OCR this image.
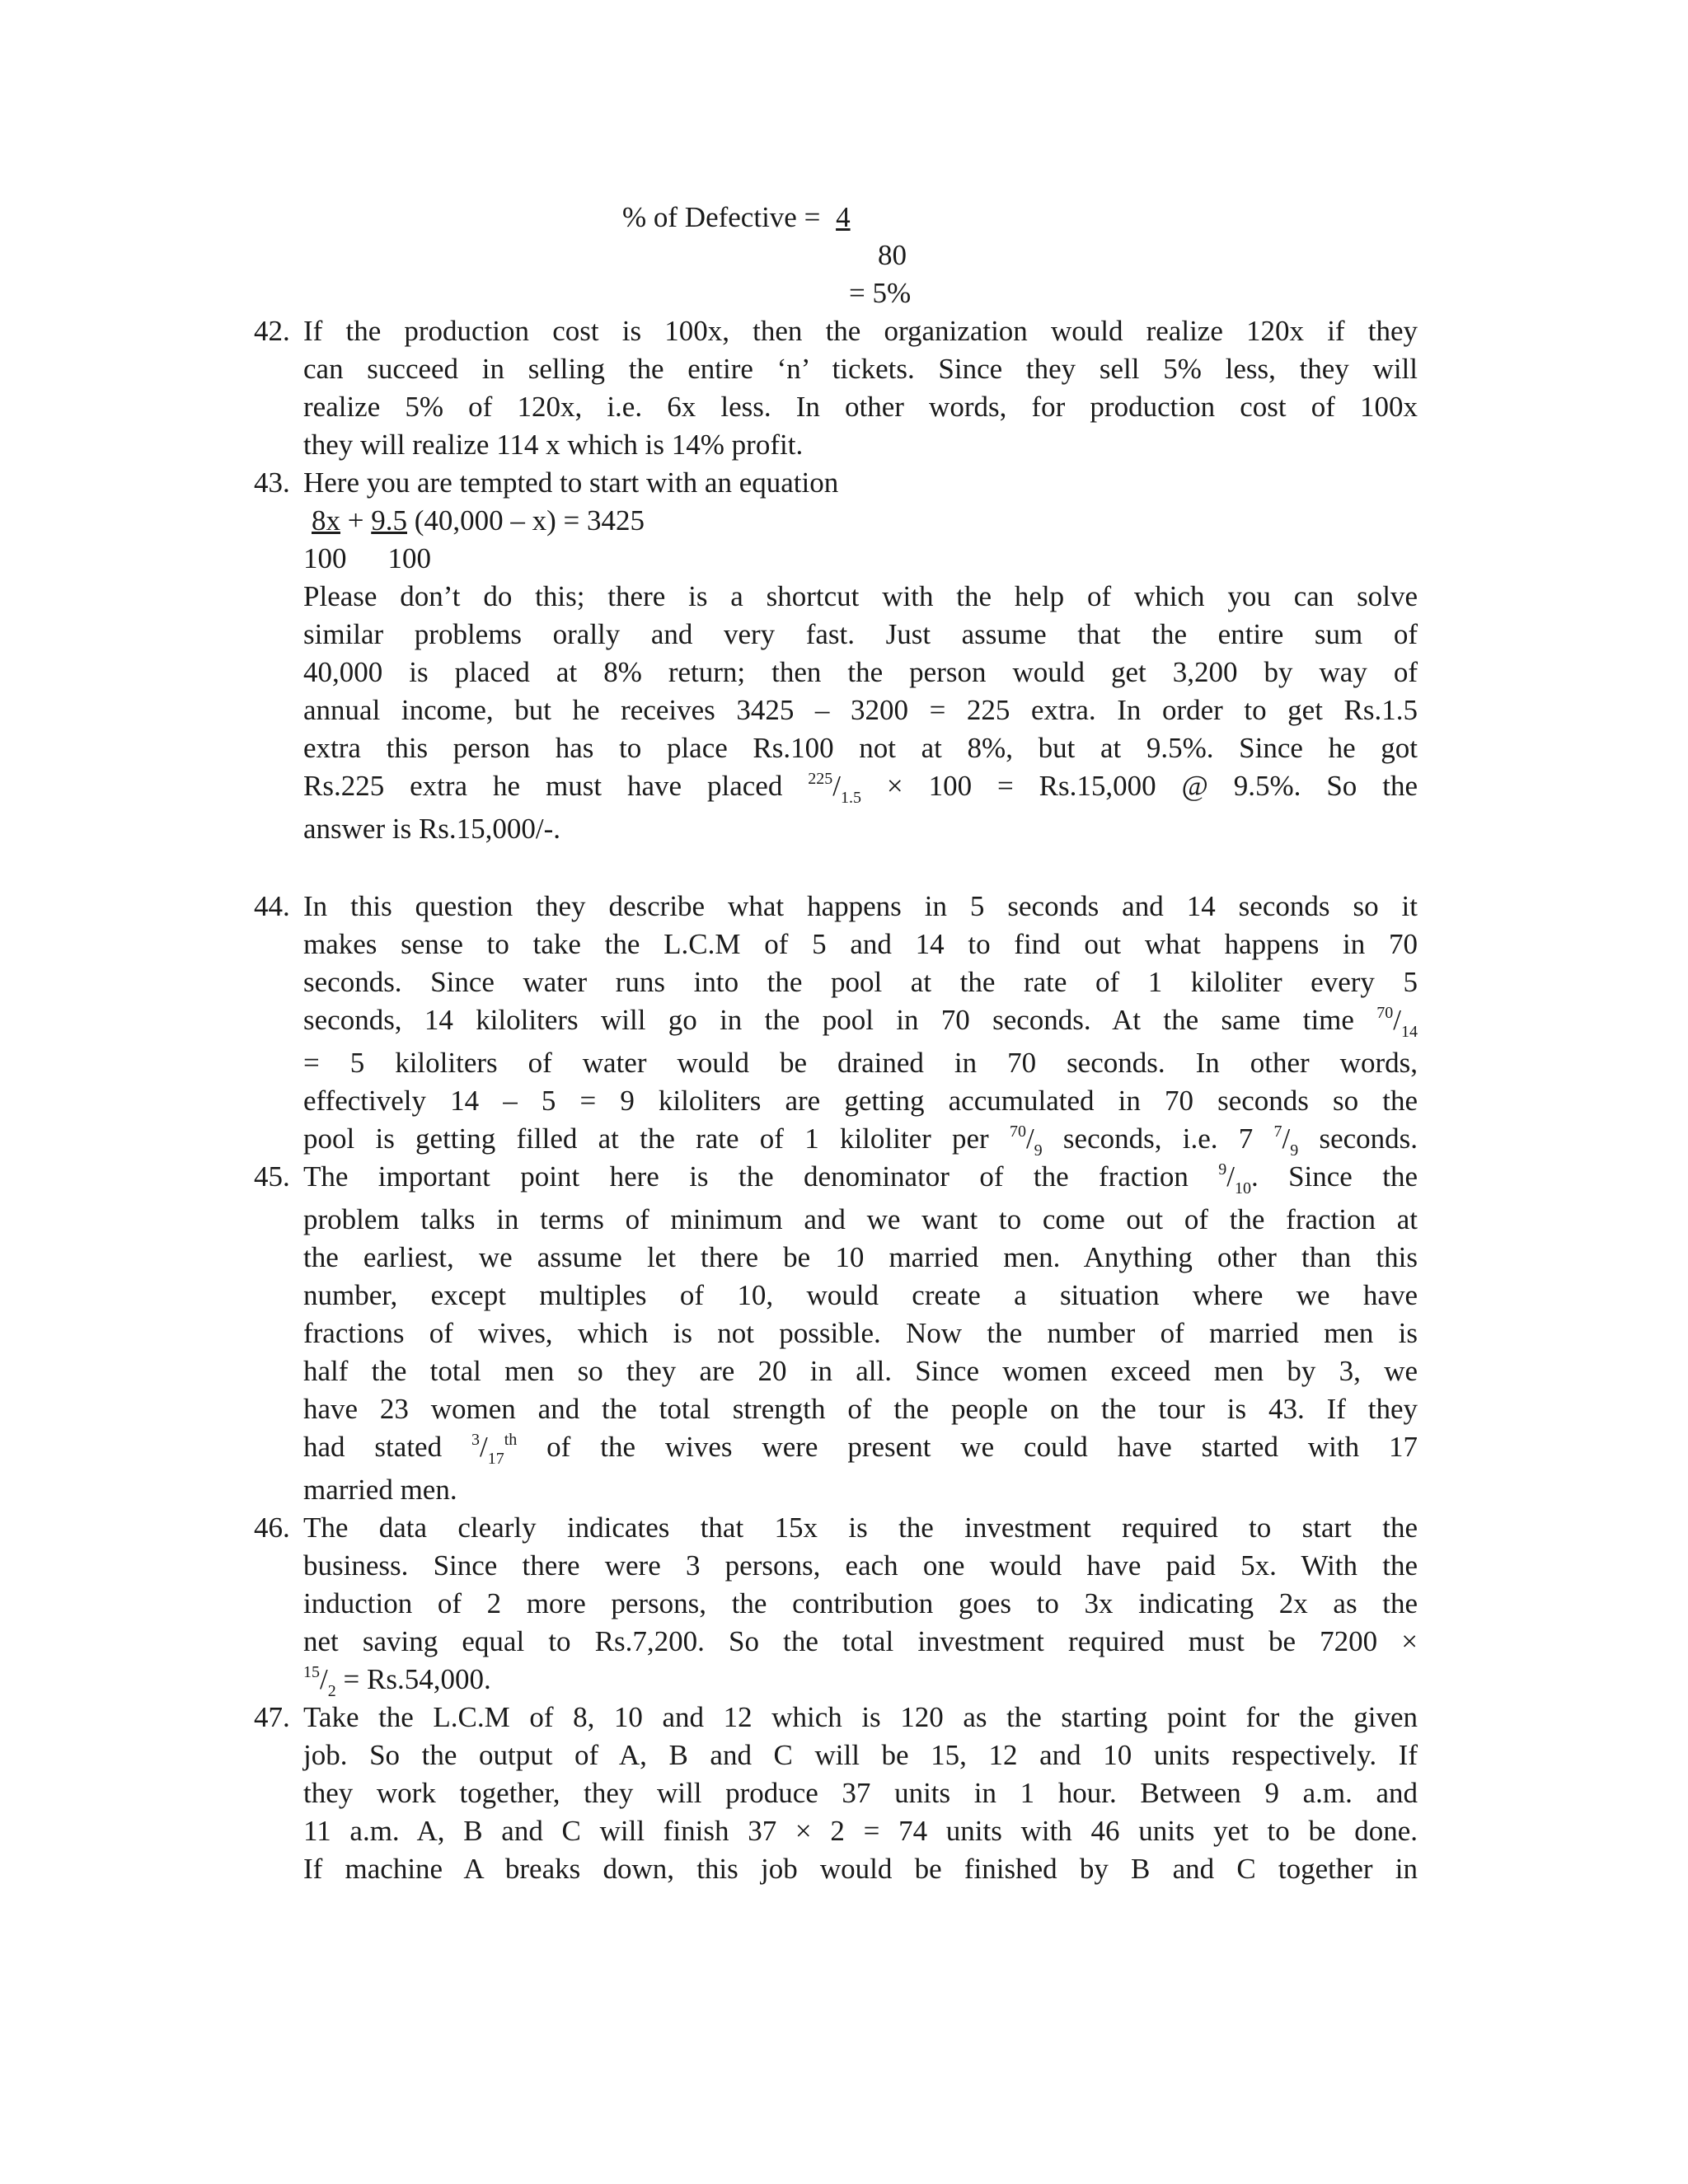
% of Defective = 4
80
= 5%
42. If the production cost is 100x, then the organization would realize 120x if they
can succeed in selling the entire ‘n’ tickets. Since they sell 5% less, they will
realize 5% of 120x, i.e. 6x less. In other words, for production cost of 100x
they will realize 114 x which is 14% profit.
43. Here you are tempted to start with an equation
8x + 9.5 (40,000 – x) = 3425
100 100
Please don’t do this; there is a shortcut with the help of which you can solve
similar problems orally and very fast. Just assume that the entire sum of
40,000 is placed at 8% return; then the person would get 3,200 by way of
annual income, but he receives 3425 – 3200 = 225 extra. In order to get Rs.1.5
extra this person has to place Rs.100 not at 8%, but at 9.5%. Since he got
Rs.225 extra he must have placed $^{225}/_{1.5} \times 100 = Rs.15,000$ @ 9.5%. So the
answer is Rs.15,000/-.
44. In this question they describe what happens in 5 seconds and 14 seconds so it
makes sense to take the L.C.M of 5 and 14 to find out what happens in 70
seconds. Since water runs into the pool at the rate of 1 kiloliter every 5
seconds, 14 kiloliters will go in the pool in 70 seconds. At the same time $^{70}/_{14}$
= 5 kiloliters of water would be drained in 70 seconds. In other words,
effectively 14 – 5 = 9 kiloliters are getting accumulated in 70 seconds so the
pool is getting filled at the rate of 1 kiloliter per $^{70}/_9$ seconds, i.e. 7 $^7/_9$ seconds.
45. The important point here is the denominator of the fraction $^9/_{10}$. Since the
problem talks in terms of minimum and we want to come out of the fraction at
the earliest, we assume let there be 10 married men. Anything other than this
number, except multiples of 10, would create a situation where we have
fractions of wives, which is not possible. Now the number of married men is
half the total men so they are 20 in all. Since women exceed men by 3, we
have 23 women and the total strength of the people on the tour is 43. If they
had stated $^3/_{17}^{th}$ of the wives were present we could have started with 17
married men.
46. The data clearly indicates that 15x is the investment required to start the
business. Since there were 3 persons, each one would have paid 5x. With the
induction of 2 more persons, the contribution goes to 3x indicating 2x as the
net saving equal to Rs.7,200. So the total investment required must be 7200 ×
$^{15}/_2 = Rs.54,000$.
47. Take the L.C.M of 8, 10 and 12 which is 120 as the starting point for the given
job. So the output of A, B and C will be 15, 12 and 10 units respectively. If
they work together, they will produce 37 units in 1 hour. Between 9 a.m. and
11 a.m. A, B and C will finish 37 × 2 = 74 units with 46 units yet to be done.
If machine A breaks down, this job would be finished by B and C together in
